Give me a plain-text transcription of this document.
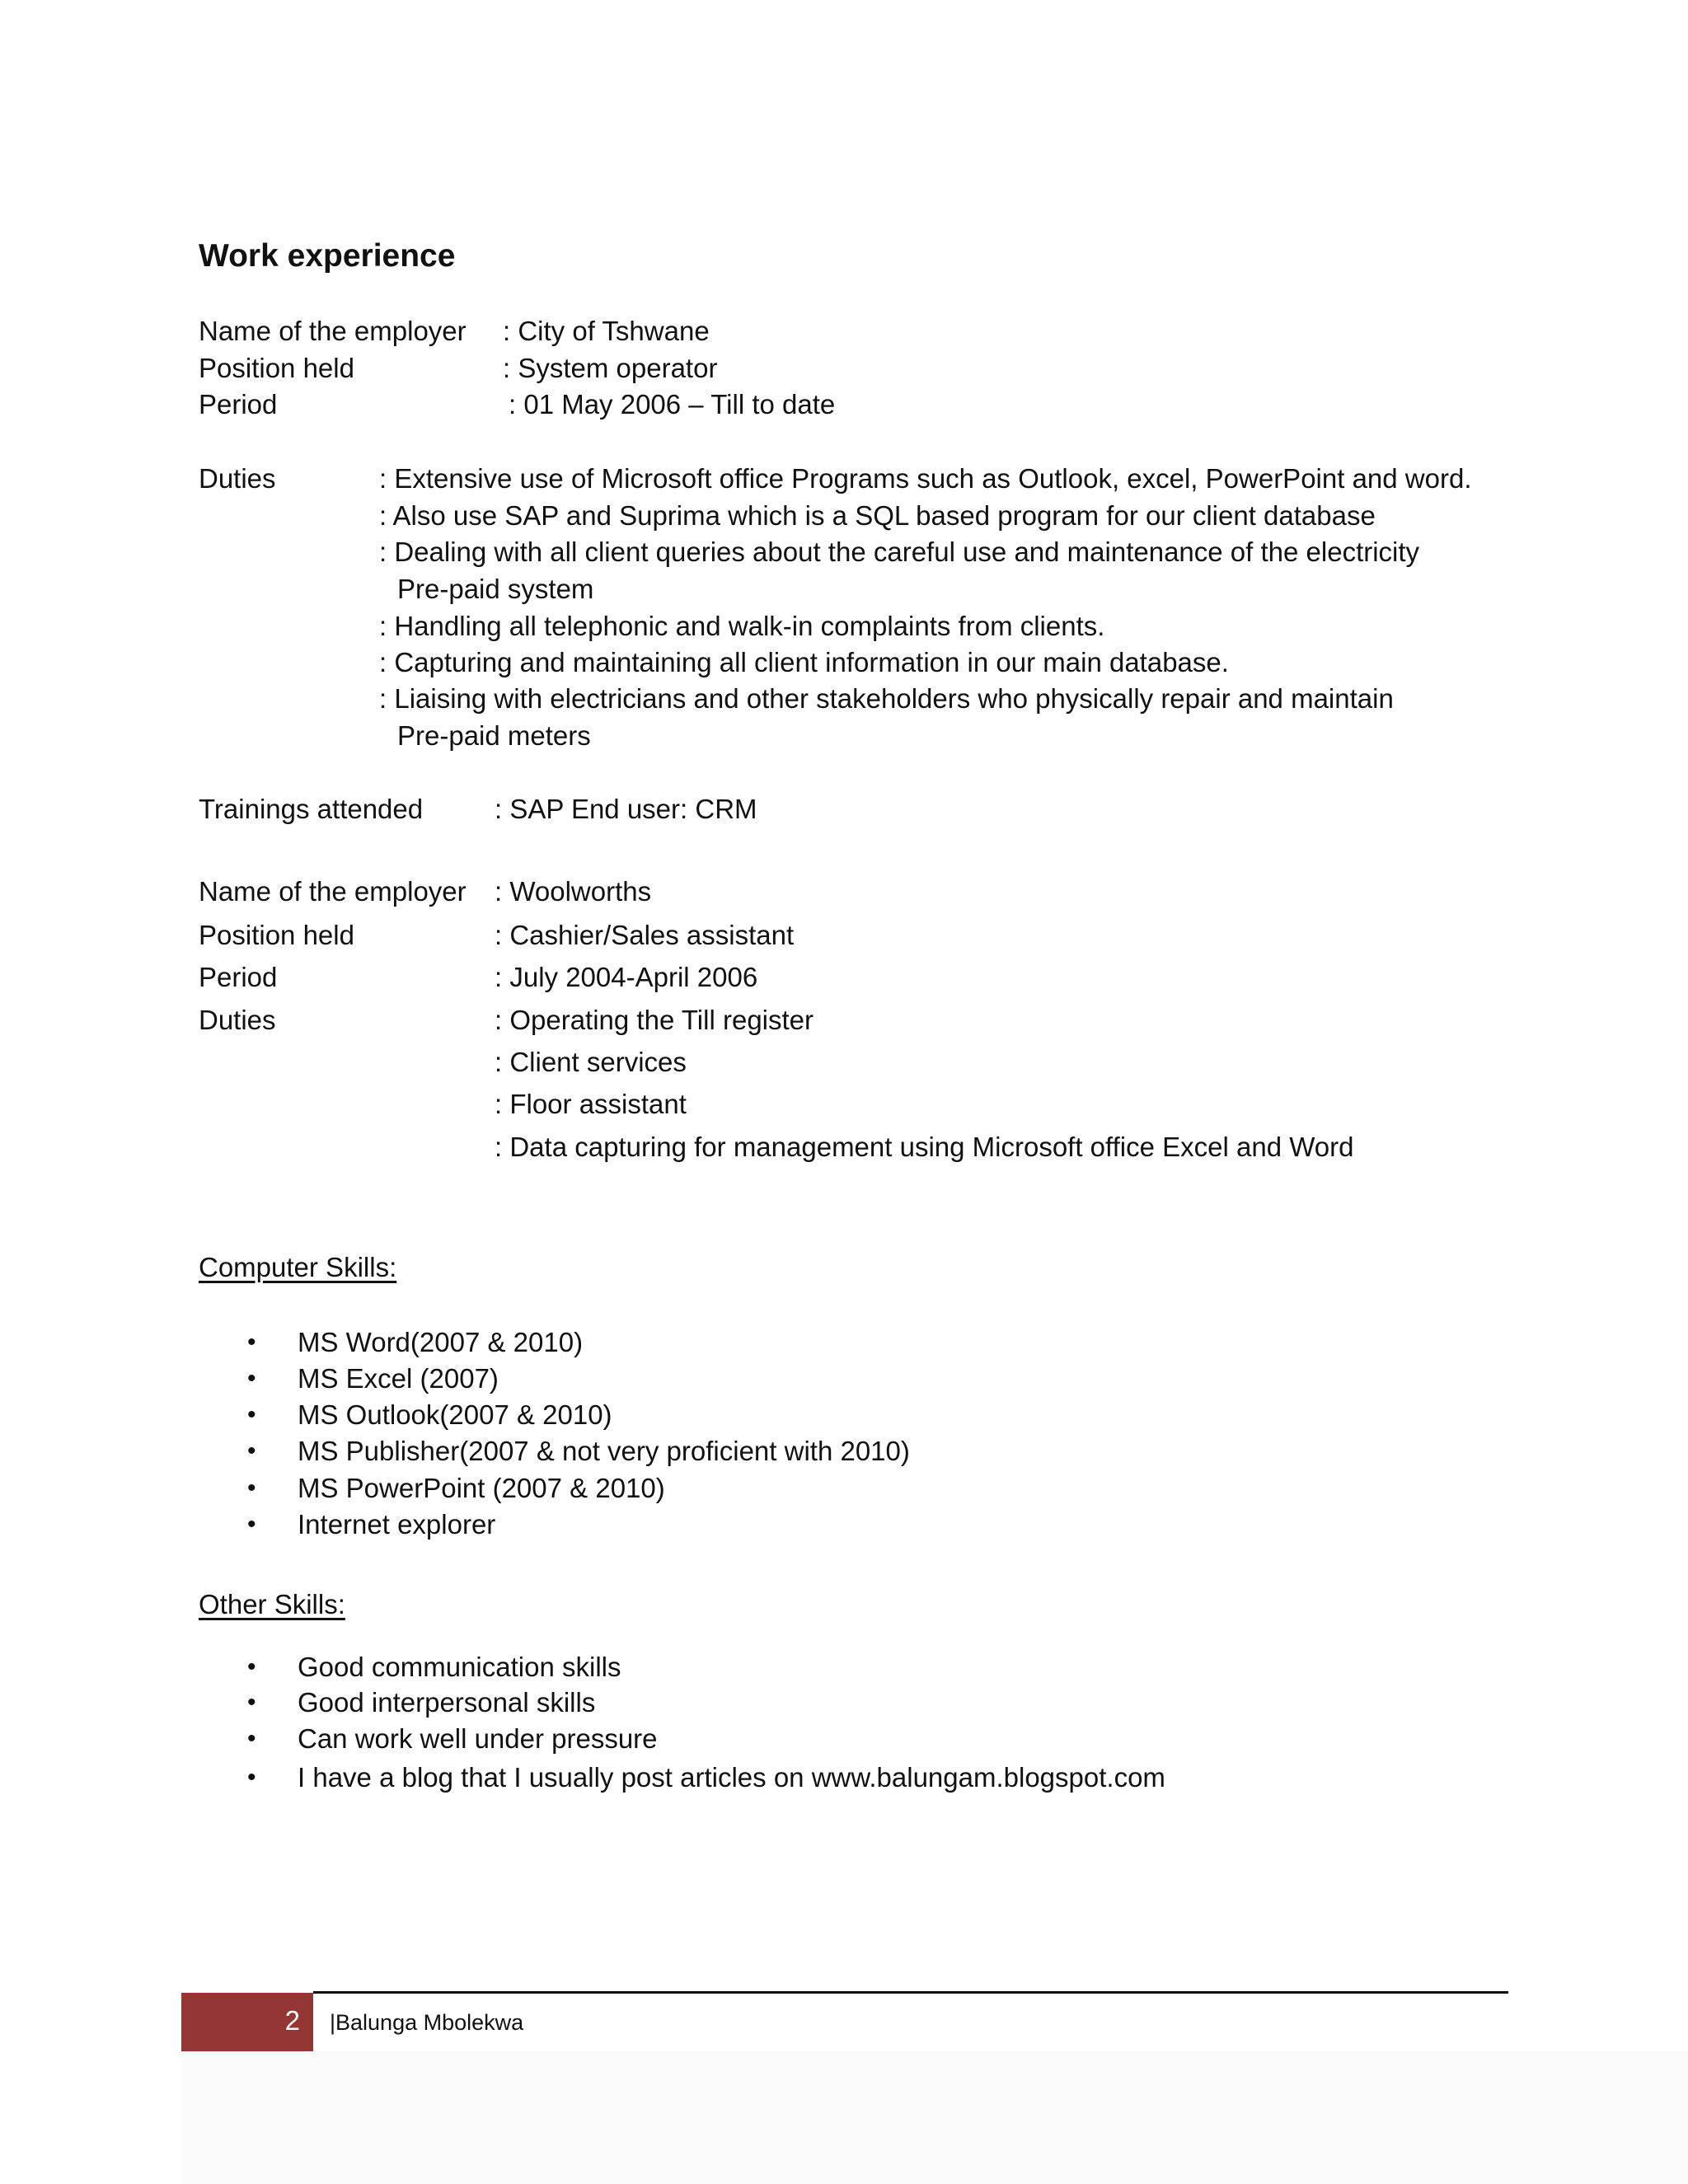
Work experience
Name of the employer : City of Tshwane
Position held	: System operator
Period	: 01 May 2006 – Till to date
Duties	: Extensive use of Microsoft office Programs such as Outlook, excel, PowerPoint and word.
: Also use SAP and Suprima which is a SQL based program for our client database
: Dealing with all client queries about the careful use and maintenance of the electricity
Pre-paid system
: Handling all telephonic and walk-in complaints from clients.
: Capturing and maintaining all client information in our main database.
: Liaising with electricians and other stakeholders who physically repair and maintain
Pre-paid meters
Trainings attended	: SAP End user: CRM
Name of the employer : Woolworths
Position held	: Cashier/Sales assistant
Period	: July 2004-April 2006
Duties	: Operating the Till register
: Client services
: Floor assistant
: Data capturing for management using Microsoft office Excel and Word
Computer Skills:
• MS Word(2007 & 2010)
• MS Excel (2007)
• MS Outlook(2007 & 2010)
• MS Publisher(2007 & not very proficient with 2010)
• MS PowerPoint (2007 & 2010)
• Internet explorer
Other Skills:
• Good communication skills
• Good interpersonal skills
• Can work well under pressure
• I have a blog that I usually post articles on www.balungam.blogspot.com
2 |Balunga Mbolekwa
